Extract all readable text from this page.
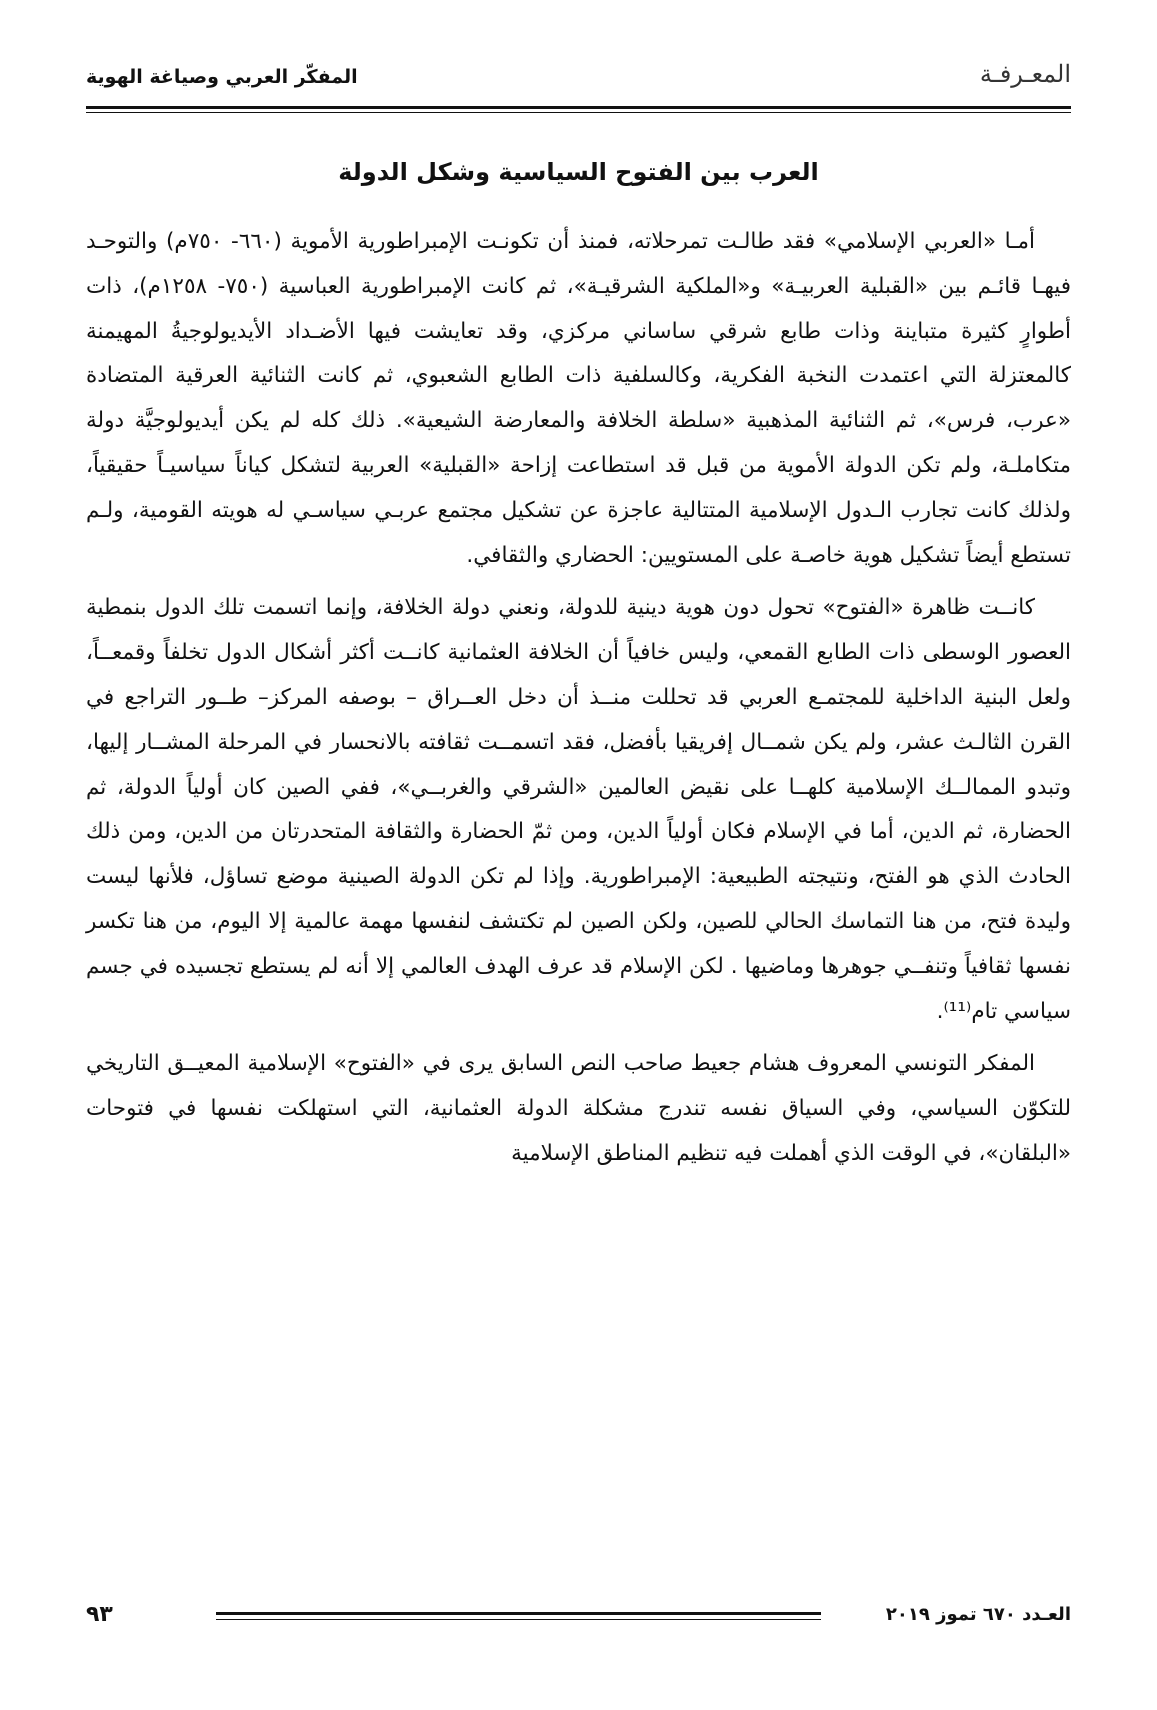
المفكّر العربي وصياغة الهوية	المعـرفـة
العرب بين الفتوح السياسية وشكل الدولة

أمـا «العربي الإسلامي» فقد طالـت تمرحلاته، فمنذ أن تكونـت الإمبراطورية الأموية (٦٦٠- ٧٥٠م) والتوحـد فيهـا قائـم بين «القبلية العربيـة» و«الملكية الشرقيـة»، ثم كانت الإمبراطورية العباسية (٧٥٠- ١٢٥٨م)، ذات أطوارٍ كثيرة متباينة وذات طابع شرقي ساساني مركزي، وقد تعايشت فيها الأضـداد الأيديولوجيةُ المهيمنة كالمعتزلة التي اعتمدت النخبة الفكرية، وكالسلفية ذات الطابع الشعبوي، ثم كانت الثنائية العرقية المتضادة «عرب، فرس»، ثم الثنائية المذهبية «سلطة الخلافة والمعارضة الشيعية». ذلك كله لم يكن أيديولوجيَّة دولة متكاملـة، ولم تكن الدولة الأموية من قبل قد استطاعت إزاحة «القبلية» العربية لتشكل كياناً سياسيـاً حقيقياً، ولذلك كانت تجارب الـدول الإسلامية المتتالية عاجزة عن تشكيل مجتمع عربـي سياسـي له هويته القومية، ولـم تستطع أيضاً تشكيل هوية خاصـة على المستويين: الحضاري والثقافي.

كانــت ظاهرة «الفتوح» تحول دون هوية دينية للدولة، ونعني دولة الخلافة، وإنما اتسمت تلك الدول بنمطية العصور الوسطى ذات الطابع القمعي، وليس خافياً أن الخلافة العثمانية كانــت أكثر أشكال الدول تخلفاً وقمعــاً، ولعل البنية الداخلية للمجتمـع العربي قد تحللت منــذ أن دخل العــراق – بوصفه المركز– طــور التراجع في القرن الثالـث عشر، ولم يكن شمــال إفريقيا بأفضل، فقد اتسمــت ثقافته بالانحسار في المرحلة المشــار إليها، وتبدو الممالــك الإسلامية كلهــا على نقيض العالمين «الشرقي والغربــي»، ففي الصين كان أولياً الدولة، ثم الحضارة، ثم الدين، أما في الإسلام فكان أولياً الدين، ومن ثمّ الحضارة والثقافة المتحدرتان من الدين، ومن ذلك الحادث الذي هو الفتح، ونتيجته الطبيعية: الإمبراطورية. وإذا لم تكن الدولة الصينية موضع تساؤل، فلأنها ليست وليدة فتح، من هنا التماسك الحالي للصين، ولكن الصين لم تكتشف لنفسها مهمة عالمية إلا اليوم، من هنا تكسر نفسها ثقافياً وتنفــي جوهرها وماضيها . لكن الإسلام قد عرف الهدف العالمي إلا أنه لم يستطع تجسيده في جسم سياسي تام⁽¹¹⁾.

المفكر التونسي المعروف هشام جعيط صاحب النص السابق يرى في «الفتوح» الإسلامية المعيــق التاريخي للتكوّن السياسي، وفي السياق نفسه تندرج مشكلة الدولة العثمانية، التي استهلكت نفسها في فتوحات «البلقان»، في الوقت الذي أهملت فيه تنظيم المناطق الإسلامية

٩٣	العـدد ٦٧٠ تموز ٢٠١٩
